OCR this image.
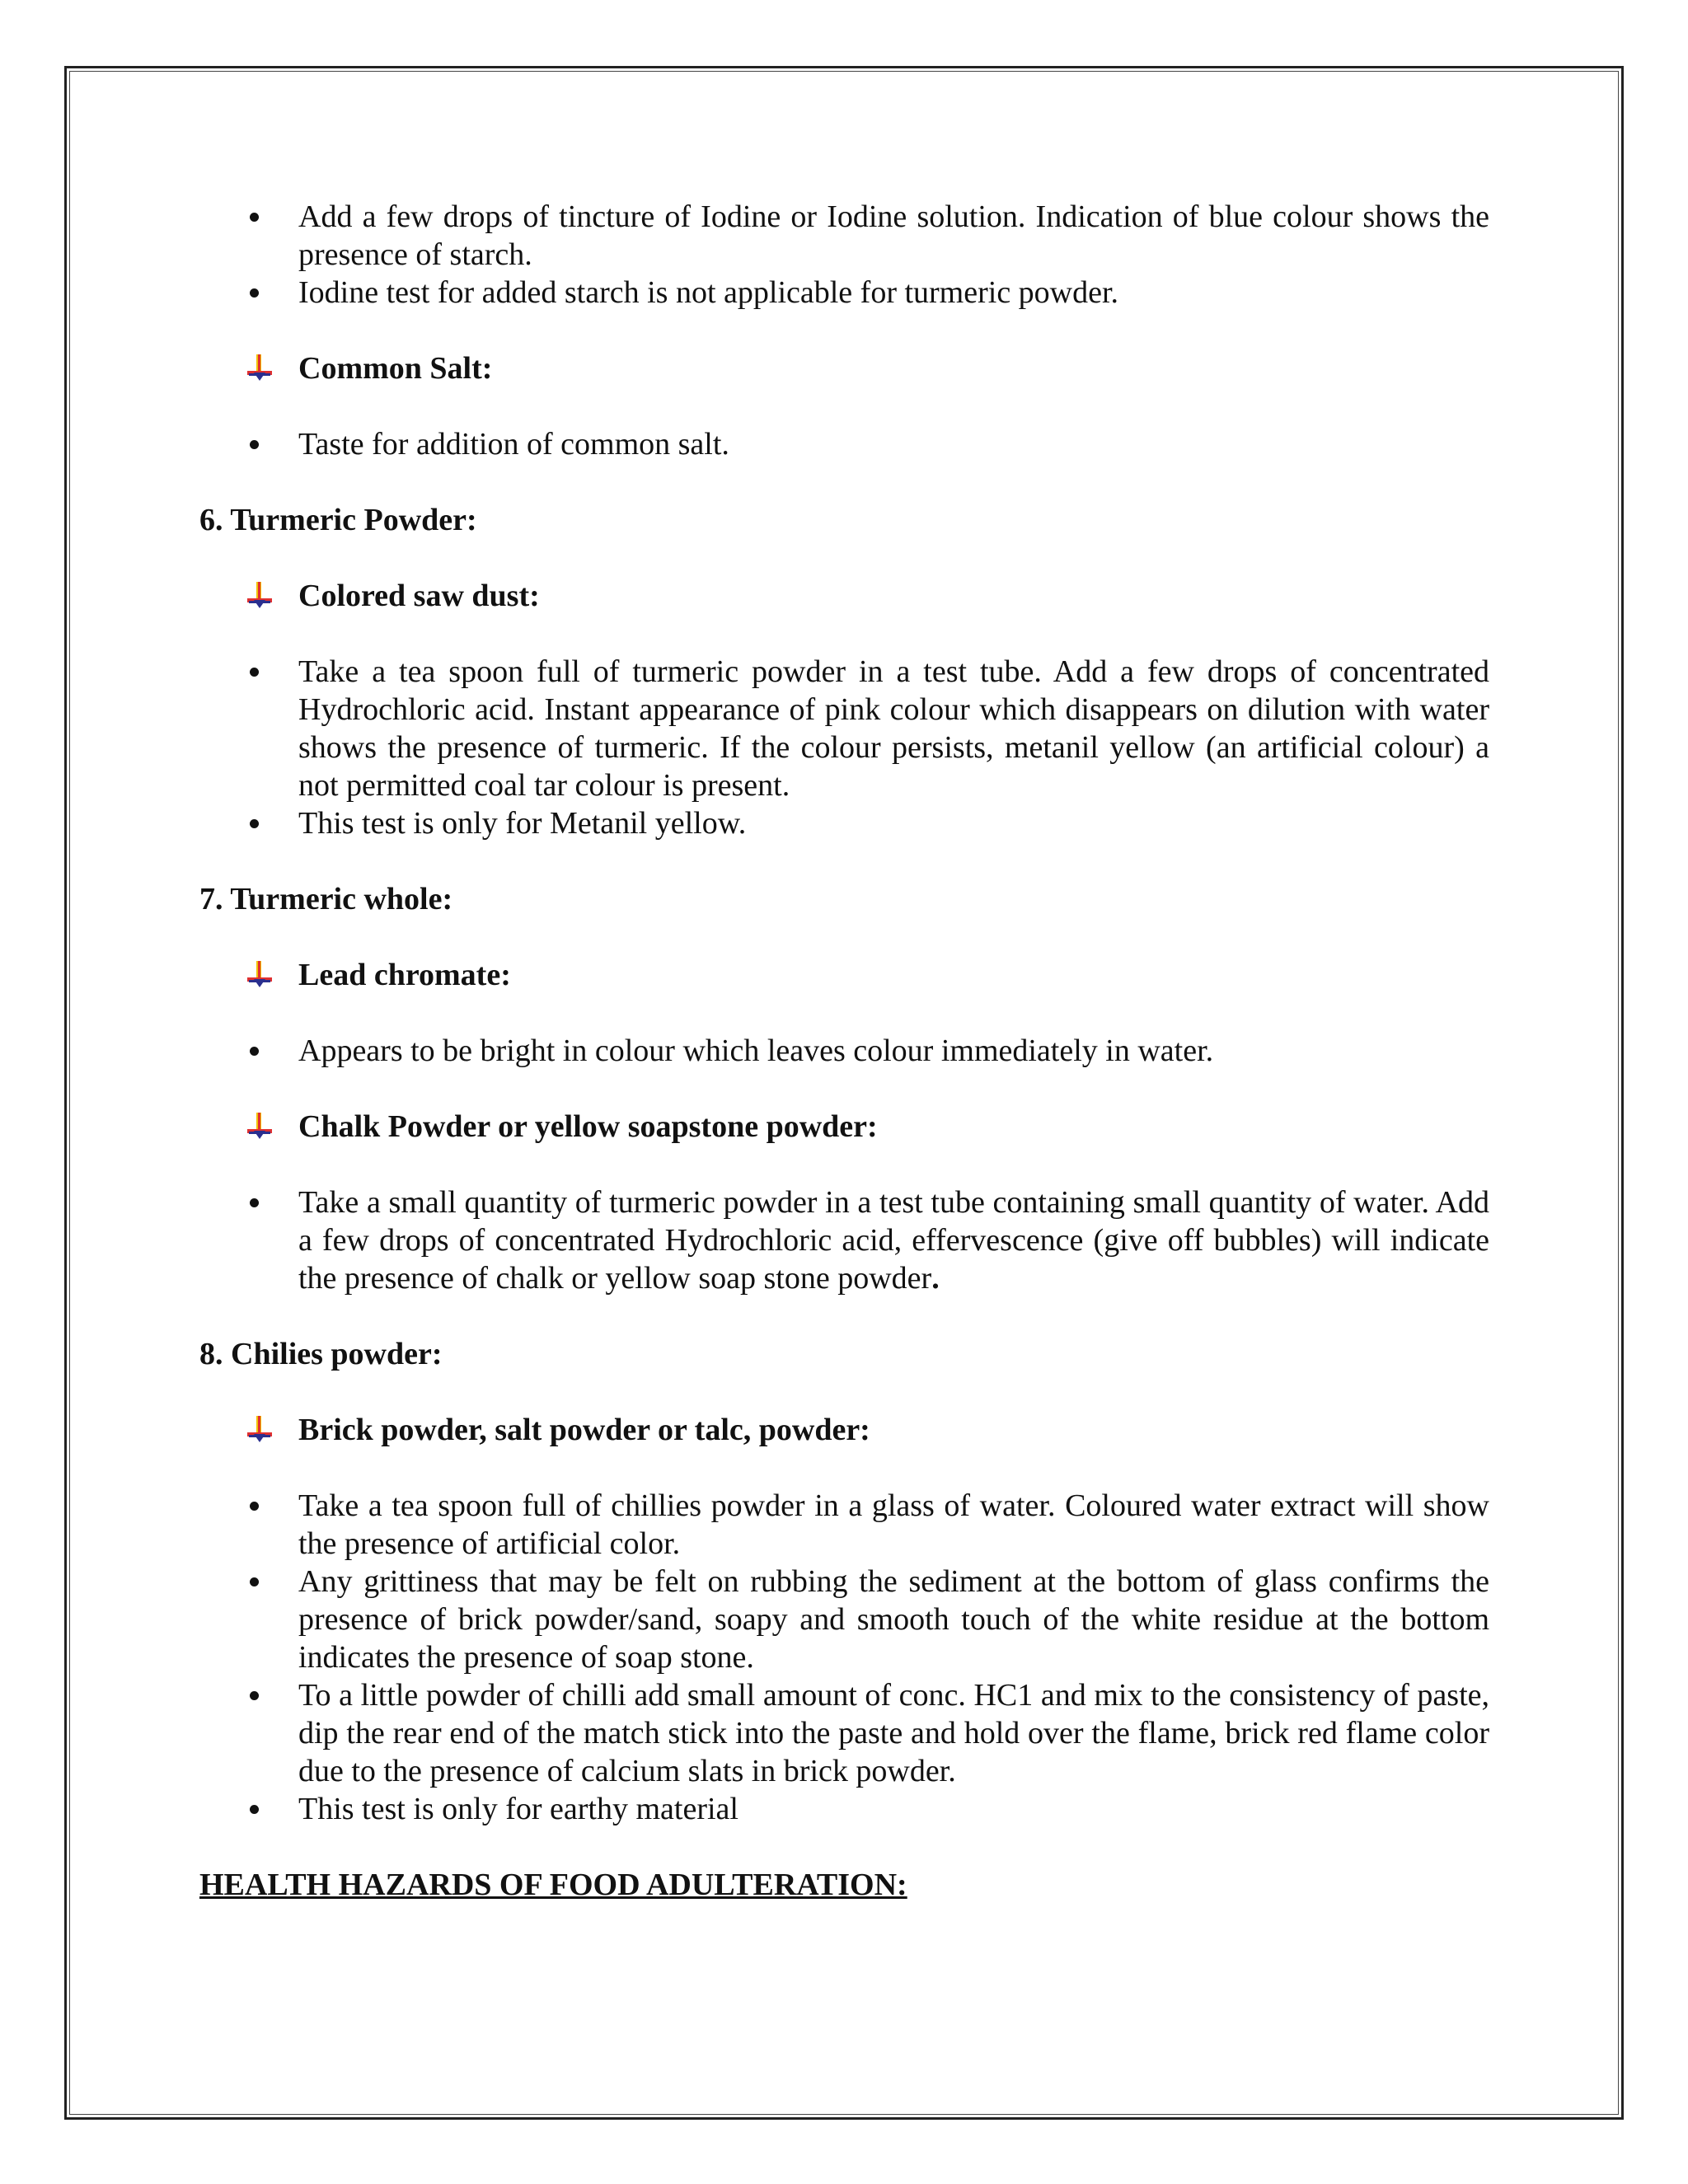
Add a few drops of tincture of Iodine or Iodine solution. Indication of blue colour shows the presence of starch.
Iodine test for added starch is not applicable for turmeric powder.
Common Salt:
Taste for addition of common salt.
6. Turmeric Powder:
Colored saw dust:
Take a tea spoon full of turmeric powder in a test tube. Add a few drops of concentrated Hydrochloric acid. Instant appearance of pink colour which disappears on dilution with water shows the presence of turmeric. If the colour persists, metanil yellow (an artificial colour) a not permitted coal tar colour is present.
This test is only for Metanil yellow.
7. Turmeric whole:
Lead chromate:
Appears to be bright in colour which leaves colour immediately in water.
Chalk Powder or yellow soapstone powder:
Take a small quantity of turmeric powder in a test tube containing small quantity of water. Add a few drops of concentrated Hydrochloric acid, effervescence (give off bubbles) will indicate the presence of chalk or yellow soap stone powder.
8. Chilies powder:
Brick powder, salt powder or talc, powder:
Take a tea spoon full of chillies powder in a glass of water. Coloured water extract will show the presence of artificial color.
Any grittiness that may be felt on rubbing the sediment at the bottom of glass confirms the presence of brick powder/sand, soapy and smooth touch of the white residue at the bottom indicates the presence of soap stone.
To a little powder of chilli add small amount of conc. HC1 and mix to the consistency of paste, dip the rear end of the match stick into the paste and hold over the flame, brick red flame color due to the presence of calcium slats in brick powder.
This test is only for earthy material
HEALTH HAZARDS OF FOOD ADULTERATION:
